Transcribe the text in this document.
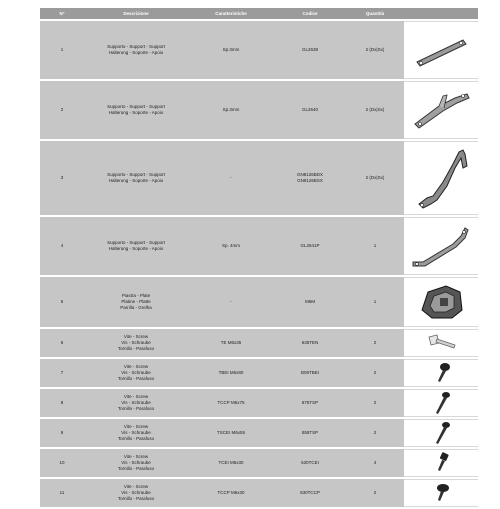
N°	Descrizione	Caratteristiche	Codice	Quantità	
1	Supporto - Support - Support
Halterung - Soporte - Apoio	Sp.3mm	GL2638	2 (Dx|Sx)	

2	Supporto - Support - Support
Halterung - Soporte - Apoio	Sp.3mm	GL2640	2 (Dx|Sx)	

3	Supporto - Support - Support
Halterung - Soporte - Apoio	-	GN8126BDX
GN8126BSX	2 (Dx|Sx)	

4	Supporto - Support - Support
Halterung - Soporte - Apoio	Sp. 4mm	GL2641P	1	

5	Piastra - Plate
Platine - Platte
Parrilla - Grelha	-	M5M	1	

6	Vite - Screw
Vis - Schraube
Tornillo - Parafuso	TE M6x35	635TEN	2	

7	Vite - Screw
Vis - Schraube
Tornillo - Parafuso	TBEI M6x80	B08TBEI	2	

8	Vite - Screw
Vis - Schraube
Tornillo - Parafuso	TCCP M5x75	875TSP	2	

9	Vite - Screw
Vis - Schraube
Tornillo - Parafuso	TSCEI M6x55	855TSP	2	

10	Vite - Screw
Vis - Schraube
Tornillo - Parafuso	TCEI M6x30	630TCEI	4	

11	Vite - Screw
Vis - Schraube
Tornillo - Parafuso	TCCP M6x30	830TCCP	2	
